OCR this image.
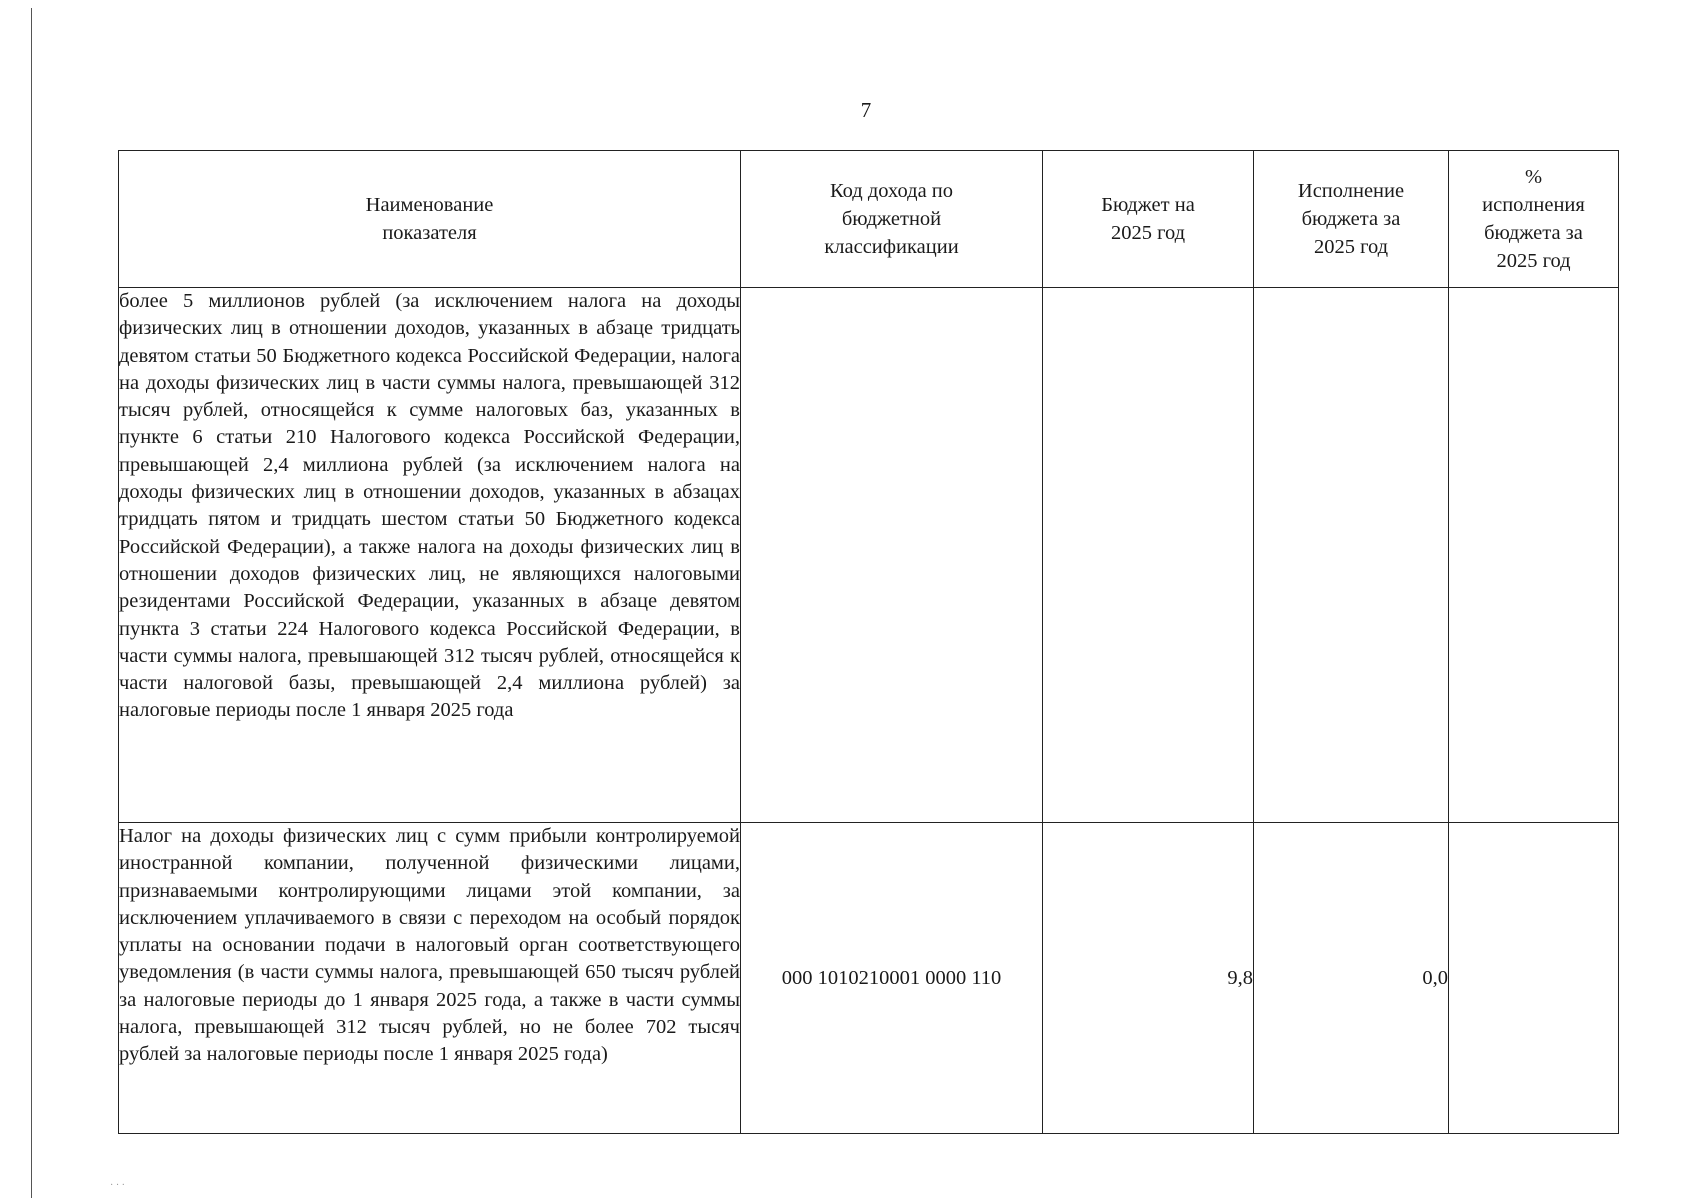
7
Наименование показателя	Код дохода по бюджетной классификации	Бюджет на 2025 год	Исполнение бюджета за 2025 год	% исполнения бюджета за 2025 год
более 5 миллионов рублей (за исключением налога на доходы физических лиц в отношении доходов, указанных в абзаце тридцать девятом статьи 50 Бюджетного кодекса Российской Федерации, налога на доходы физических лиц в части суммы налога, превышающей 312 тысяч рублей, относящейся к сумме налоговых баз, указанных в пункте 6 статьи 210 Налогового кодекса Российской Федерации, превышающей 2,4 миллиона рублей (за исключением налога на доходы физических лиц в отношении доходов, указанных в абзацах тридцать пятом и тридцать шестом статьи 50 Бюджетного кодекса Российской Федерации), а также налога на доходы физических лиц в отношении доходов физических лиц, не являющихся налоговыми резидентами Российской Федерации, указанных в абзаце девятом пункта 3 статьи 224 Налогового кодекса Российской Федерации, в части суммы налога, превышающей 312 тысяч рублей, относящейся к части налоговой базы, превышающей 2,4 миллиона рублей) за налоговые периоды после 1 января 2025 года				
Налог на доходы физических лиц с сумм прибыли контролируемой иностранной компании, полученной физическими лицами, признаваемыми контролирующими лицами этой компании, за исключением уплачиваемого в связи с переходом на особый порядок уплаты на основании подачи в налоговый орган соответствующего уведомления (в части суммы налога, превышающей 650 тысяч рублей за налоговые периоды до 1 января 2025 года, а также в части суммы налога, превышающей 312 тысяч рублей, но не более 702 тысяч рублей за налоговые периоды после 1 января 2025 года)	000 1010210001 0000 110	9,8	0,0	
· · ·
